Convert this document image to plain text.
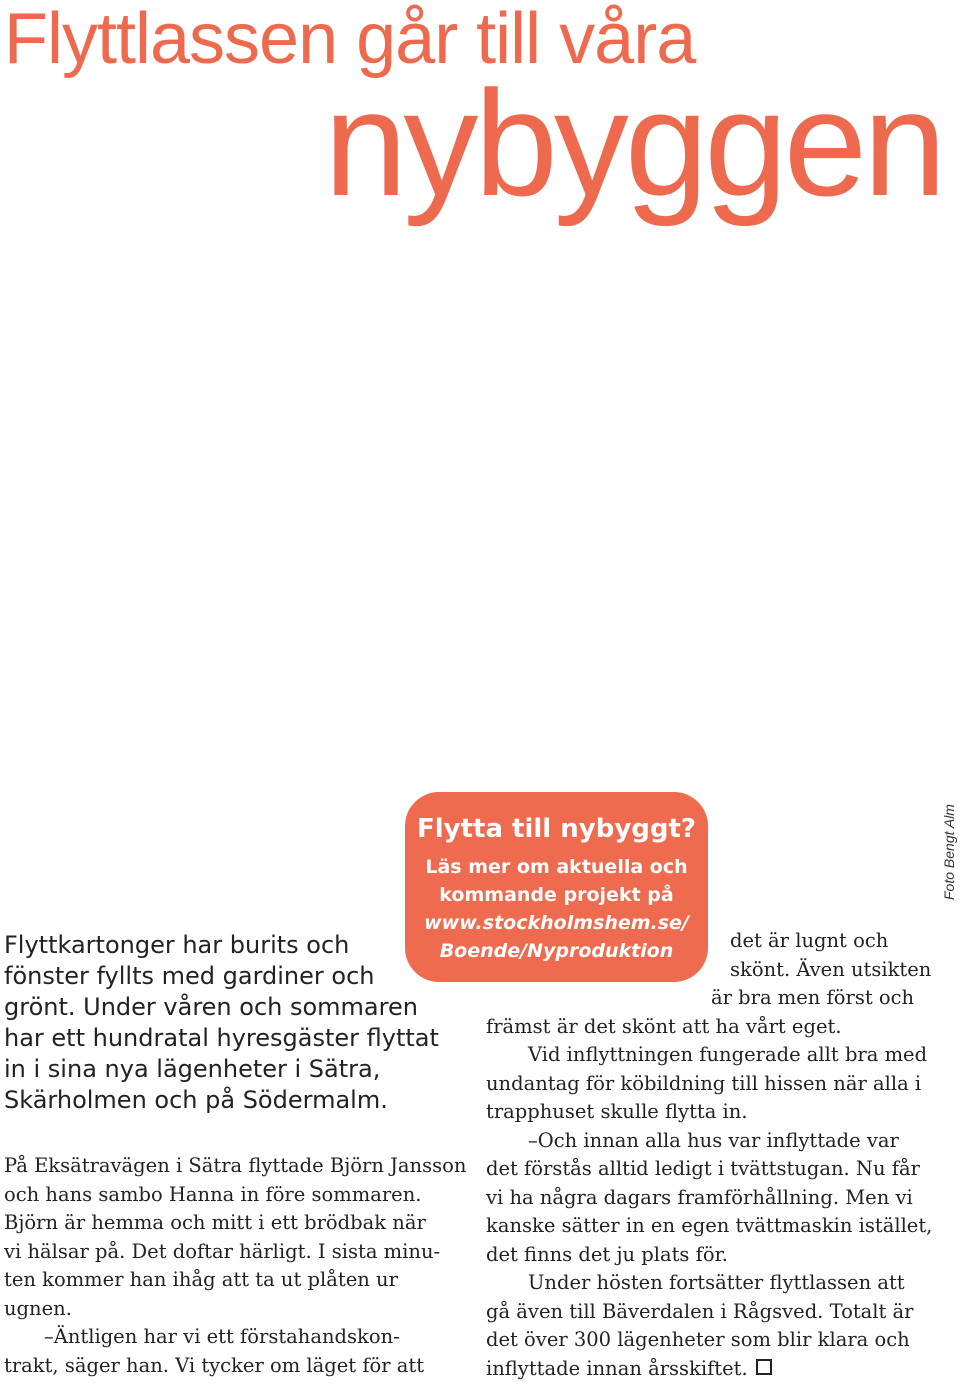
Flyttlassen går till våra
nybyggen
Foto Bengt Alm
Flytta till nybyggt?
Läs mer om aktuella och
kommande projekt på
www.stockholmshem.se/
Boende/Nyproduktion
Flyttkartonger har burits och
fönster fyllts med gardiner och
grönt. Under våren och sommaren
har ett hundratal hyresgäster flyttat
in i sina nya lägenheter i Sätra,
Skärholmen och på Södermalm.
På Eksätravägen i Sätra flyttade Björn Jansson
och hans sambo Hanna in före sommaren.
Björn är hemma och mitt i ett brödbak när
vi hälsar på. Det doftar härligt. I sista minu-
ten kommer han ihåg att ta ut plåten ur
ugnen.
–Äntligen har vi ett förstahandskon-
trakt, säger han. Vi tycker om läget för att
det är lugnt och
skönt. Även utsikten
är bra men först och
främst är det skönt att ha vårt eget.
Vid inflyttningen fungerade allt bra med
undantag för köbildning till hissen när alla i
trapphuset skulle flytta in.
–Och innan alla hus var inflyttade var
det förstås alltid ledigt i tvättstugan. Nu får
vi ha några dagars framförhållning. Men vi
kanske sätter in en egen tvättmaskin istället,
det finns det ju plats för.
Under hösten fortsätter flyttlassen att
gå även till Bäverdalen i Rågsved. Totalt är
det över 300 lägenheter som blir klara och
inflyttade innan årsskiftet.
